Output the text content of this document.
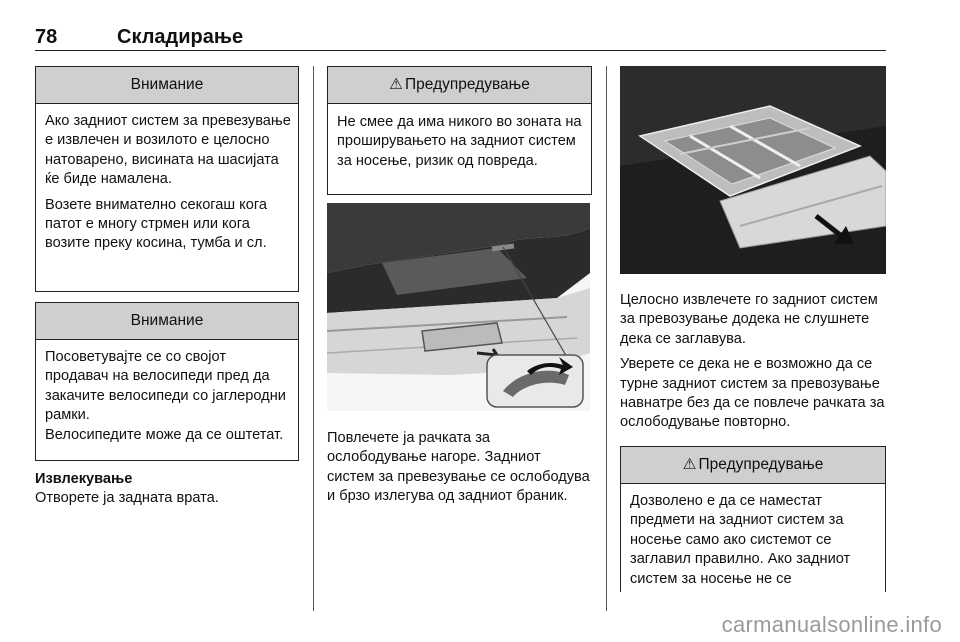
78	Складирање
Внимание

Ако задниот систем за превезување е извлечен и возилото е целосно натоварено, висината на шасијата ќе биде намалена.

Возете внимателно секогаш кога патот е многу стрмен или кога возите преку косина, тумба и сл.

Внимание

Посоветувајте се со својот продавач на велосипеди пред да закачите велосипеди со јаглеродни рамки.

Велосипедите може да се оштетат.

Извлекување
Отворете ја задната врата.
⚠ Предупредување

Не смее да има никого во зоната на проширувањето на задниот систем за носење, ризик од повреда.

Повлечете ја рачката за ослободување нагоре. Задниот систем за превезување се ослободува и брзо излегува од задниот браник.

Целосно извлечете го задниот систем за превозување додека не слушнете дека се заглавува.

Уверете се дека не е возможно да се турне задниот систем за превозување навнатре без да се повлече рачката за ослободување повторно.

⚠ Предупредување

Дозволено е да се наместат предмети на задниот систем за носење само ако системот се заглавил правилно. Ако задниот систем за носење не се

carmanualsonline.info
